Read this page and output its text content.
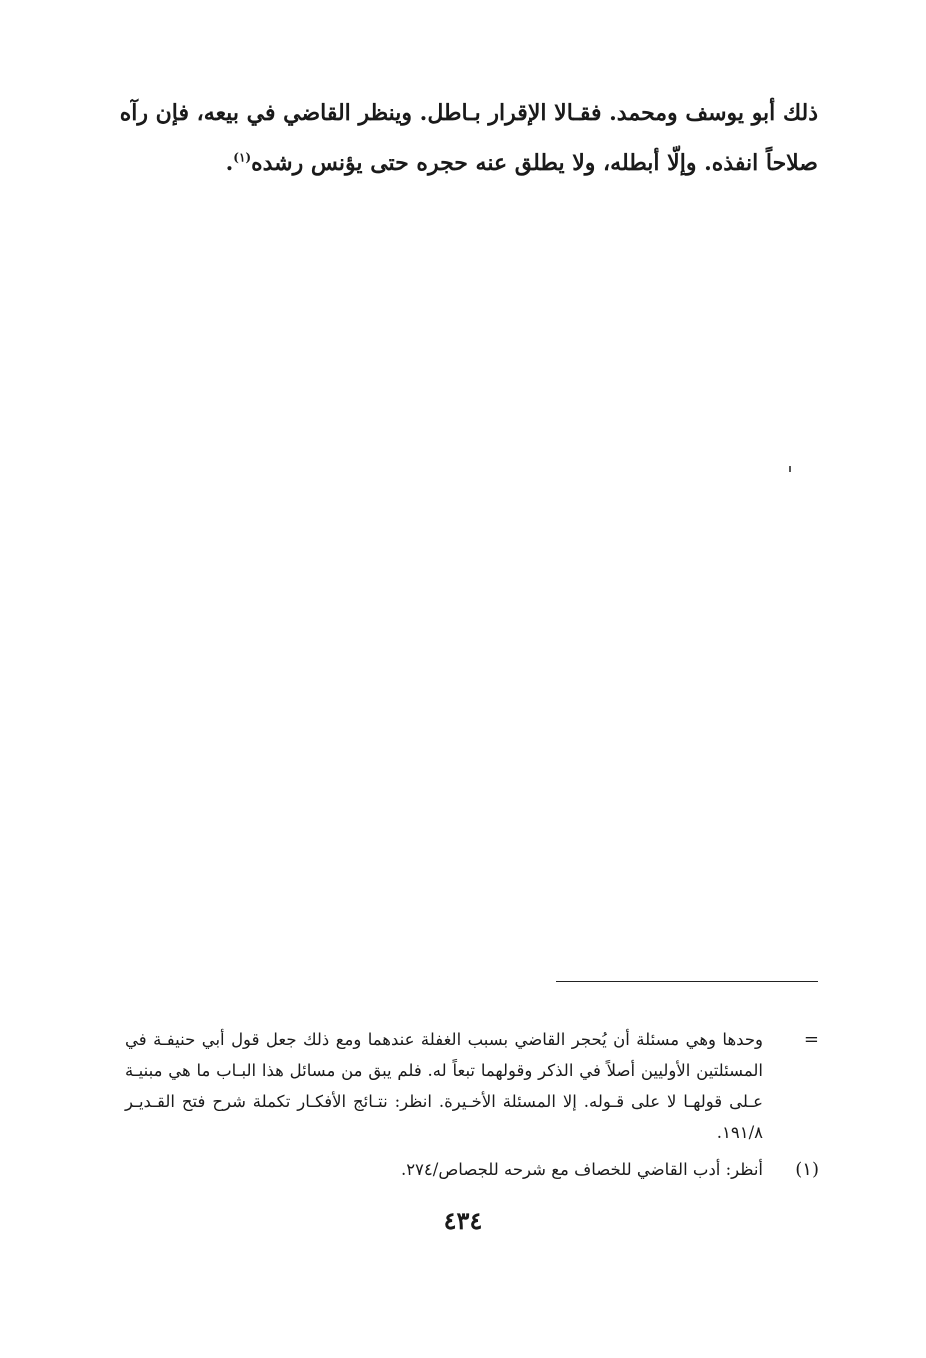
ذلك أبو يوسف ومحمد. فقـالا الإقرار بـاطل. وينظر القاضي في بيعه، فإن رآه

صلاحاً انفذه. وإلّا أبطله، ولا يطلق عنه حجره حتى يؤنس رشده$^{(١)}$.

=
وحدها وهي مسئلة أن يُحجر القاضي بسبب الغفلة عندهما ومع ذلك جعل قول أبي حنيفـة في المسئلتين الأوليين أصلاً في الذكر وقولهما تبعاً له. فلم يبق من مسائل هذا البـاب ما هي مبنيـة عـلى قولهـا لا على قـوله. إلا المسئلة الأخـيرة. انظر: نتـائج الأفكـار تكملة شرح فتح القـديـر ١٩١/٨.
(١)
أنظر: أدب القاضي للخصاف مع شرحه للجصاص/٢٧٤.
٤٣٤
